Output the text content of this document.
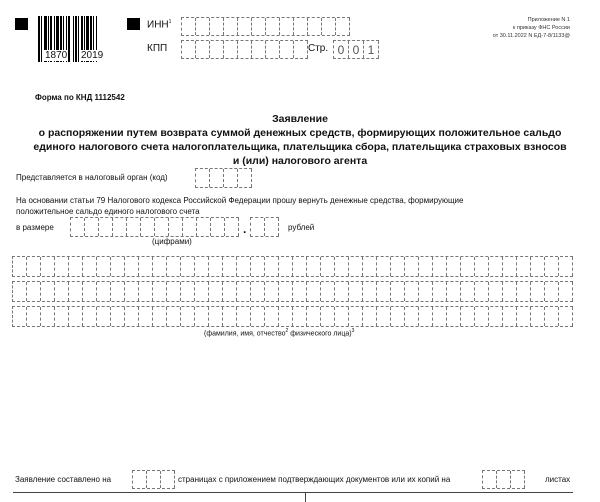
1870 2019
ИНН$^1$
КПП	Стр. 0 0 1
Приложение N 1
к приказу ФНС России
от 30.11.2022 N ЕД-7-8/1133@
Форма по КНД 1112542
Заявление
о распоряжении путем возврата суммой денежных средств, формирующих положительное сальдо
единого налогового счета налогоплательщика, плательщика сбора, плательщика страховых взносов
и (или) налогового агента
Представляется в налоговый орган (код)
На основании статьи 79 Налогового кодекса Российской Федерации прошу вернуть денежные средства, формирующие
положительное сальдо единого налогового счета
в размере	.	рублей
(цифрами)
(фамилия, имя, отчество$^2$ физического лица)$^3$
Заявление составлено на	страницах с приложением подтверждающих документов или их копий на	листах
